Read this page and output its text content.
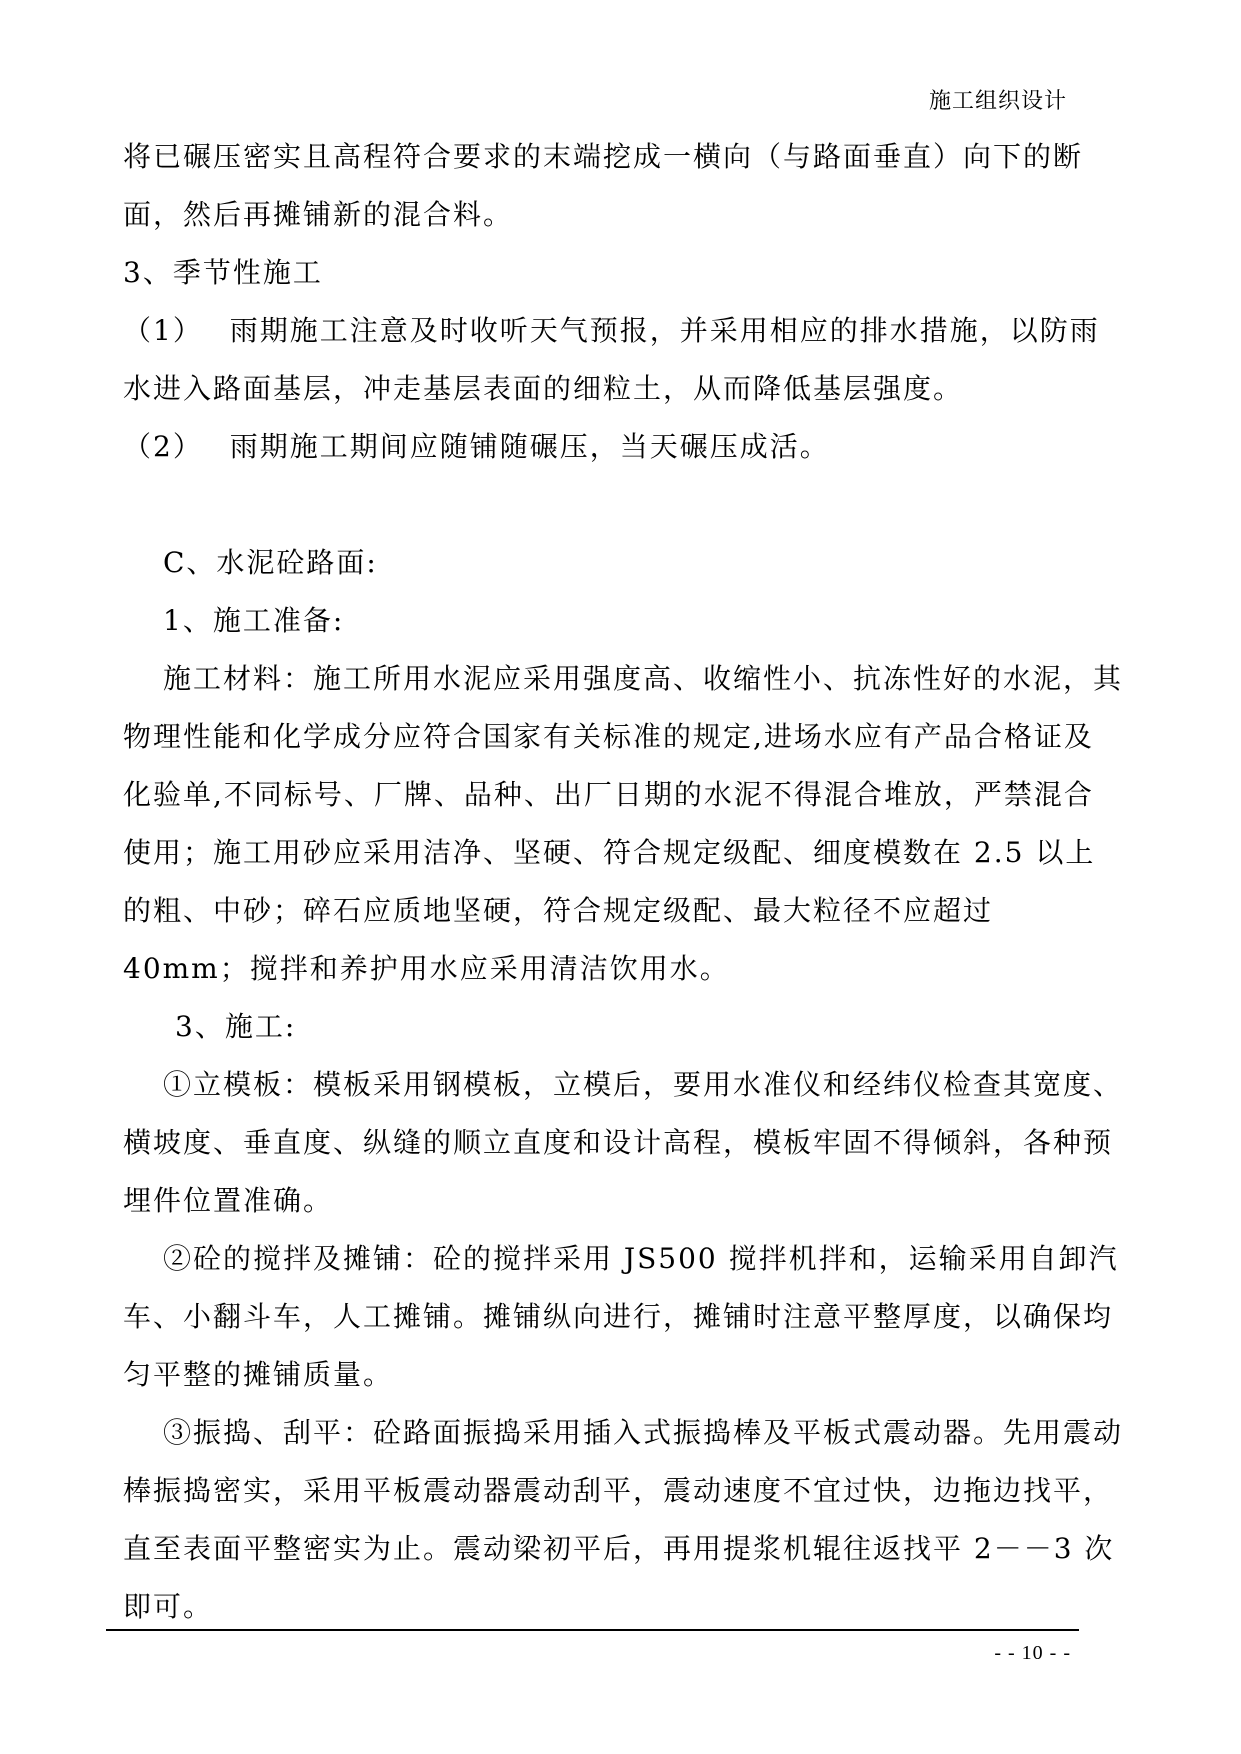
施工组织设计

将已碾压密实且高程符合要求的末端挖成一横向（与路面垂直）向下的断面，然后再摊铺新的混合料。

3、季节性施工

（1）　 雨期施工注意及时收听天气预报，并采用相应的排水措施，以防雨水进入路面基层，冲走基层表面的细粒土，从而降低基层强度。

（2）　 雨期施工期间应随铺随碾压，当天碾压成活。

C、水泥砼路面:

1、施工准备:

施工材料：施工所用水泥应采用强度高、收缩性小、抗冻性好的水泥，其物理性能和化学成分应符合国家有关标准的规定,进场水应有产品合格证及化验单,不同标号、厂牌、品种、出厂日期的水泥不得混合堆放，严禁混合使用；施工用砂应采用洁净、坚硬、符合规定级配、细度模数在 2.5 以上的粗、中砂；碎石应质地坚硬，符合规定级配、最大粒径不应超过 40mm；搅拌和养护用水应采用清洁饮用水。

3、施工:

①立模板：模板采用钢模板，立模后，要用水准仪和经纬仪检查其宽度、横坡度、垂直度、纵缝的顺立直度和设计高程，模板牢固不得倾斜，各种预埋件位置准确。

②砼的搅拌及摊铺：砼的搅拌采用 JS500 搅拌机拌和，运输采用自卸汽车、小翻斗车，人工摊铺。摊铺纵向进行，摊铺时注意平整厚度，以确保均匀平整的摊铺质量。

③振捣、刮平：砼路面振捣采用插入式振捣棒及平板式震动器。先用震动棒振捣密实，采用平板震动器震动刮平，震动速度不宜过快，边拖边找平，直至表面平整密实为止。震动梁初平后，再用提浆机辊往返找平 2－－3 次即可。

- - 10 - -
